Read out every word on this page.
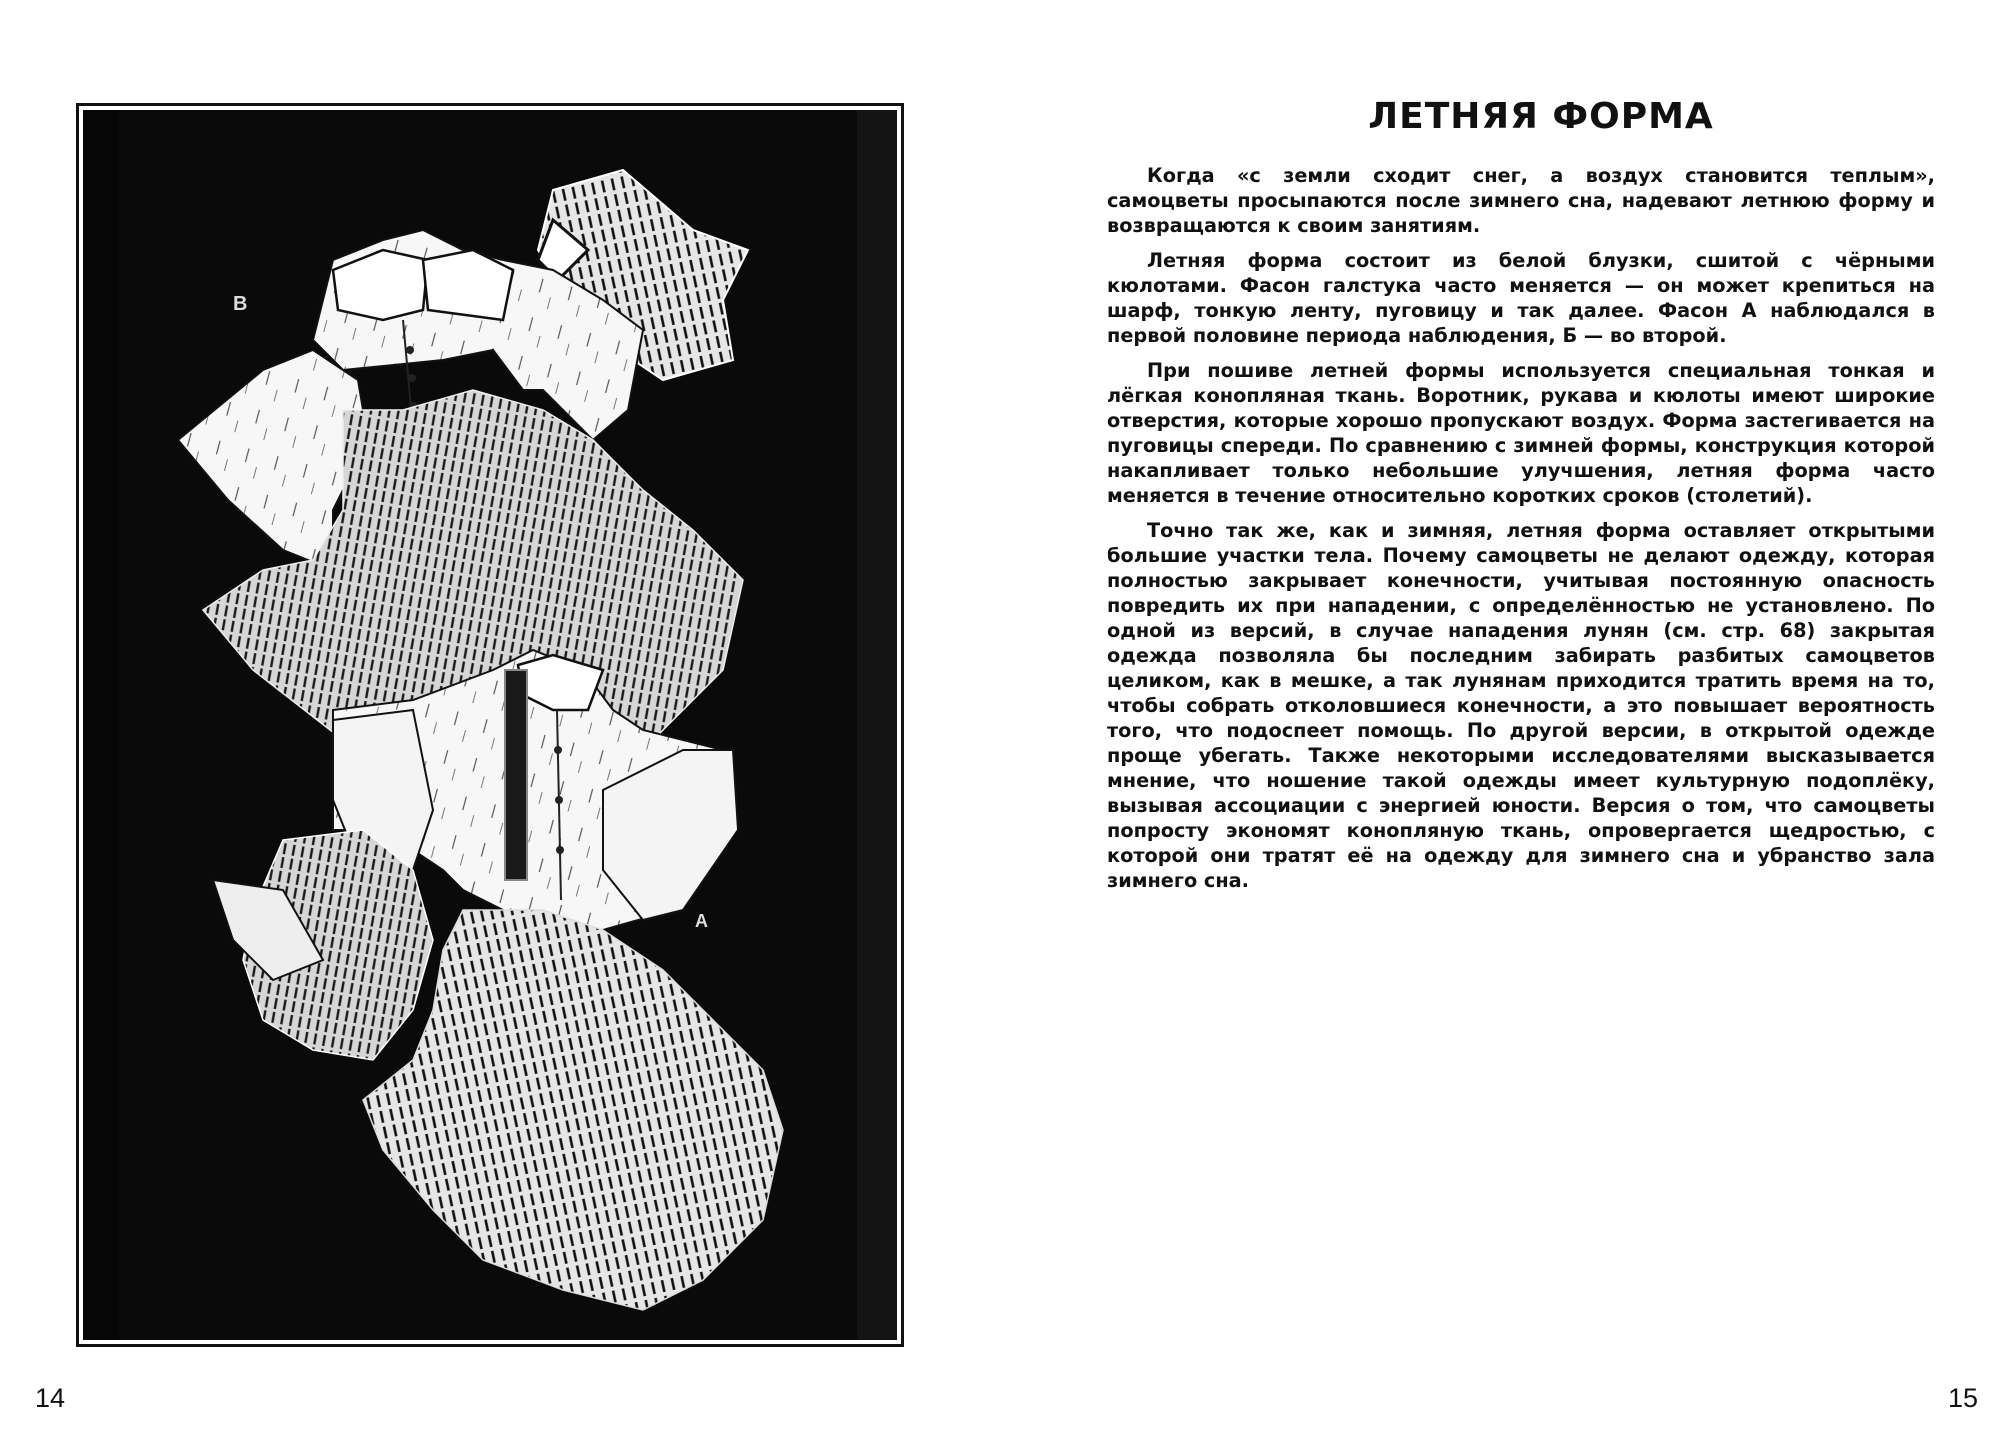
В
А
14
ЛЕТНЯЯ ФОРМА

Когда «с земли сходит снег, а воздух становится теплым», самоцветы просыпаются после зимнего сна, надевают летнюю форму и возвращаются к своим занятиям.

Летняя форма состоит из белой блузки, сшитой с чёрными кюлотами. Фасон галстука часто меняется — он может крепиться на шарф, тонкую ленту, пуговицу и так далее. Фасон А наблюдался в первой половине периода наблюдения, Б — во второй.

При пошиве летней формы используется специальная тонкая и лёгкая конопляная ткань. Воротник, рукава и кюлоты имеют широкие отверстия, которые хорошо пропускают воздух. Форма застегивается на пуговицы спереди. По сравнению с зимней формы, конструкция которой накапливает только небольшие улучшения, летняя форма часто меняется в течение относительно коротких сроков (столетий).

Точно так же, как и зимняя, летняя форма оставляет открытыми большие участки тела. Почему самоцветы не делают одежду, которая полностью закрывает конечности, учитывая постоянную опасность повредить их при нападении, с определённостью не установлено. По одной из версий, в случае нападения лунян (см. стр. 68) закрытая одежда позволяла бы последним забирать разбитых самоцветов целиком, как в мешке, а так лунянам приходится тратить время на то, чтобы собрать отколовшиеся конечности, а это повышает вероятность того, что подоспеет помощь. По другой версии, в открытой одежде проще убегать. Также некоторыми исследователями высказывается мнение, что ношение такой одежды имеет культурную подоплёку, вызывая ассоциации с энергией юности. Версия о том, что самоцветы попросту экономят конопляную ткань, опровергается щедростью, с которой они тратят её на одежду для зимнего сна и убранство зала зимнего сна.

15
